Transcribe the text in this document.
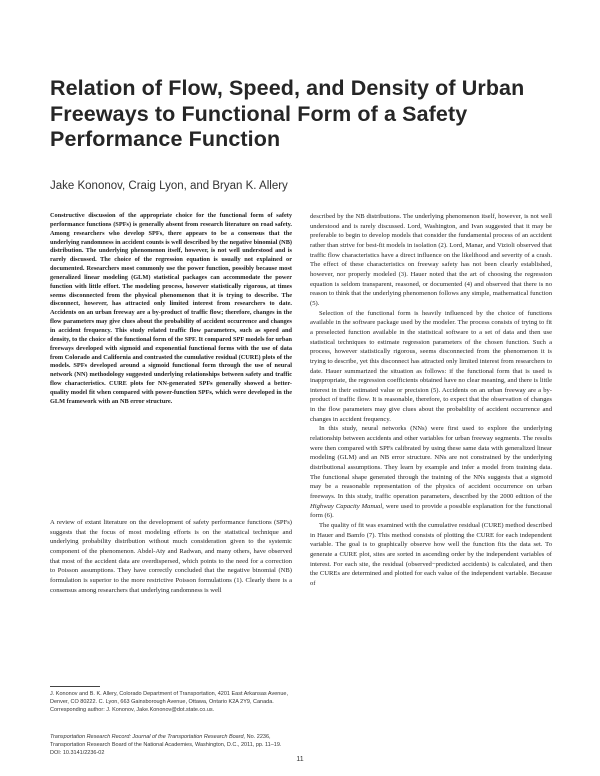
Relation of Flow, Speed, and Density of Urban Freeways to Functional Form of a Safety Performance Function
Jake Kononov, Craig Lyon, and Bryan K. Allery

Constructive discussion of the appropriate choice for the functional form of safety performance functions (SPFs) is generally absent from research literature on road safety. Among researchers who develop SPFs, there appears to be a consensus that the underlying randomness in accident counts is well described by the negative binomial (NB) distribution. The underlying phenomenon itself, however, is not well understood and is rarely discussed. The choice of the regression equation is usually not explained or documented. Researchers most commonly use the power function, possibly because most generalized linear modeling (GLM) statistical packages can accommodate the power function with little effort. The modeling process, however statistically rigorous, at times seems disconnected from the physical phenomenon that it is trying to describe. The disconnect, however, has attracted only limited interest from researchers to date. Accidents on an urban freeway are a by-product of traffic flow; therefore, changes in the flow parameters may give clues about the probability of accident occurrence and changes in accident frequency. This study related traffic flow parameters, such as speed and density, to the choice of the functional form of the SPF. It compared SPF models for urban freeways developed with sigmoid and exponential functional forms with the use of data from Colorado and California and contrasted the cumulative residual (CURE) plots of the models. SPFs developed around a sigmoid functional form through the use of neural network (NN) methodology suggested underlying relationships between safety and traffic flow characteristics. CURE plots for NN-generated SPFs generally showed a better-quality model fit when compared with power-function SPFs, which were developed in the GLM framework with an NB error structure.

A review of extant literature on the development of safety performance functions (SPFs) suggests that the focus of most modeling efforts is on the statistical technique and underlying probability distribution without much consideration given to the systemic component of the phenomenon. Abdel-Aty and Radwan, and many others, have observed that most of the accident data are overdispersed, which points to the need for a correction to Poisson assumptions. They have correctly concluded that the negative binomial (NB) formulation is superior to the more restrictive Poisson formulations (1). Clearly there is a consensus among researchers that underlying randomness is well

described by the NB distributions. The underlying phenomenon itself, however, is not well understood and is rarely discussed. Lord, Washington, and Ivan suggested that it may be preferable to begin to develop models that consider the fundamental process of an accident rather than strive for best-fit models in isolation (2). Lord, Manar, and Vizioli observed that traffic flow characteristics have a direct influence on the likelihood and severity of a crash. The effect of these characteristics on freeway safety has not been clearly established, however, nor properly modeled (3). Hauer noted that the art of choosing the regression equation is seldom transparent, reasoned, or documented (4) and observed that there is no reason to think that the underlying phenomenon follows any simple, mathematical function (5).

Selection of the functional form is heavily influenced by the choice of functions available in the software package used by the modeler. The process consists of trying to fit a preselected function available in the statistical software to a set of data and then use statistical techniques to estimate regression parameters of the chosen function. Such a process, however statistically rigorous, seems disconnected from the phenomenon it is trying to describe, yet this disconnect has attracted only limited interest from researchers to date. Hauer summarized the situation as follows: if the functional form that is used is inappropriate, the regression coefficients obtained have no clear meaning, and there is little interest in their estimated value or precision (5). Accidents on an urban freeway are a by-product of traffic flow. It is reasonable, therefore, to expect that the observation of changes in the flow parameters may give clues about the probability of accident occurrence and changes in accident frequency.

In this study, neural networks (NNs) were first used to explore the underlying relationship between accidents and other variables for urban freeway segments. The results were then compared with SPFs calibrated by using these same data with generalized linear modeling (GLM) and an NB error structure. NNs are not constrained by the underlying distributional assumptions. They learn by example and infer a model from training data. The functional shape generated through the training of the NNs suggests that a sigmoid may be a reasonable representation of the physics of accident occurrence on urban freeways. In this study, traffic operation parameters, described by the 2000 edition of the Highway Capacity Manual, were used to provide a possible explanation for the functional form (6).

The quality of fit was examined with the cumulative residual (CURE) method described in Hauer and Bamfo (7). This method consists of plotting the CURE for each independent variable. The goal is to graphically observe how well the function fits the data set. To generate a CURE plot, sites are sorted in ascending order by the independent variables of interest. For each site, the residual (observed−predicted accidents) is calculated, and then the CUREs are determined and plotted for each value of the independent variable. Because of

J. Kononov and B. K. Allery, Colorado Department of Transportation, 4201 East Arkansas Avenue, Denver, CO 80222. C. Lyon, 663 Gainsborough Avenue, Ottawa, Ontario K2A 2Y9, Canada. Corresponding author: J. Kononov, Jake.Kononov@dot.state.co.us.
Transportation Research Record: Journal of the Transportation Research Board, No. 2236, Transportation Research Board of the National Academies, Washington, D.C., 2011, pp. 11–19.
DOI: 10.3141/2236-02
11
